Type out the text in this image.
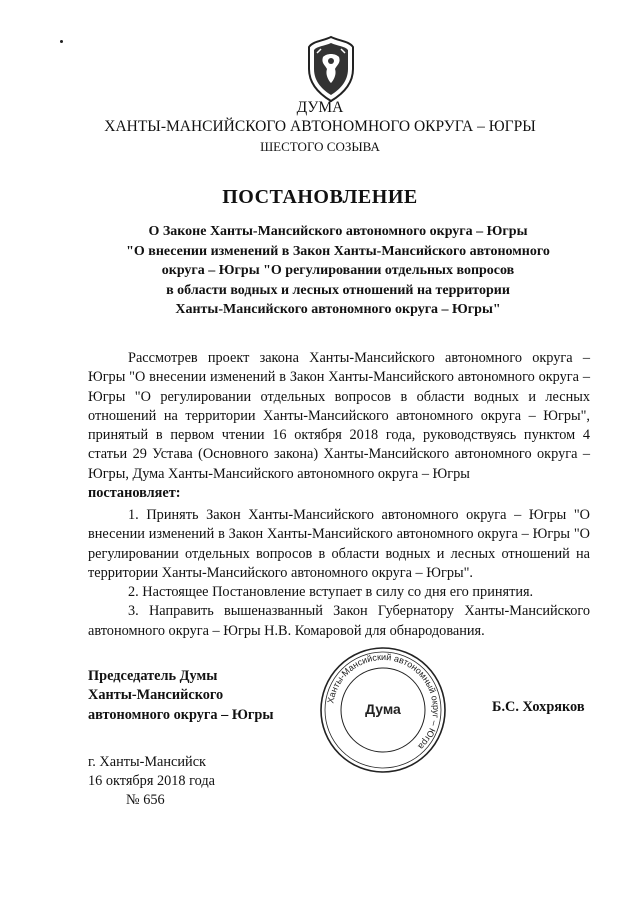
ДУМА
ХАНТЫ-МАНСИЙСКОГО АВТОНОМНОГО ОКРУГА – ЮГРЫ
ШЕСТОГО СОЗЫВА
ПОСТАНОВЛЕНИЕ
О Законе Ханты-Мансийского автономного округа – Югры
"О внесении изменений в Закон Ханты-Мансийского автономного
округа – Югры "О регулировании отдельных вопросов
в области водных и лесных отношений на территории
Ханты-Мансийского автономного округа – Югры"

Рассмотрев проект закона Ханты-Мансийского автономного округа – Югры "О внесении изменений в Закон Ханты-Мансийского автономного округа – Югры "О регулировании отдельных вопросов в области водных и лесных отношений на территории Ханты-Мансийского автономного округа – Югры", принятый в первом чтении 16 октября 2018 года, руководствуясь пунктом 4 статьи 29 Устава (Основного закона) Ханты-Мансийского автономного округа – Югры, Дума Ханты-Мансийского автономного округа – Югры

постановляет:

1. Принять Закон Ханты-Мансийского автономного округа – Югры "О внесении изменений в Закон Ханты-Мансийского автономного округа – Югры "О регулировании отдельных вопросов в области водных и лесных отношений на территории Ханты-Мансийского автономного округа – Югры".

2. Настоящее Постановление вступает в силу со дня его принятия.

3. Направить вышеназванный Закон Губернатору Ханты-Мансийского автономного округа – Югры Н.В. Комаровой для обнародования.

Председатель Думы
Ханты-Мансийского
автономного округа – Югры
Ханты-Мансийский автономный округ – Югра
Дума	Б.С. Хохряков
г. Ханты-Мансийск
16 октября 2018 года
№ 656
